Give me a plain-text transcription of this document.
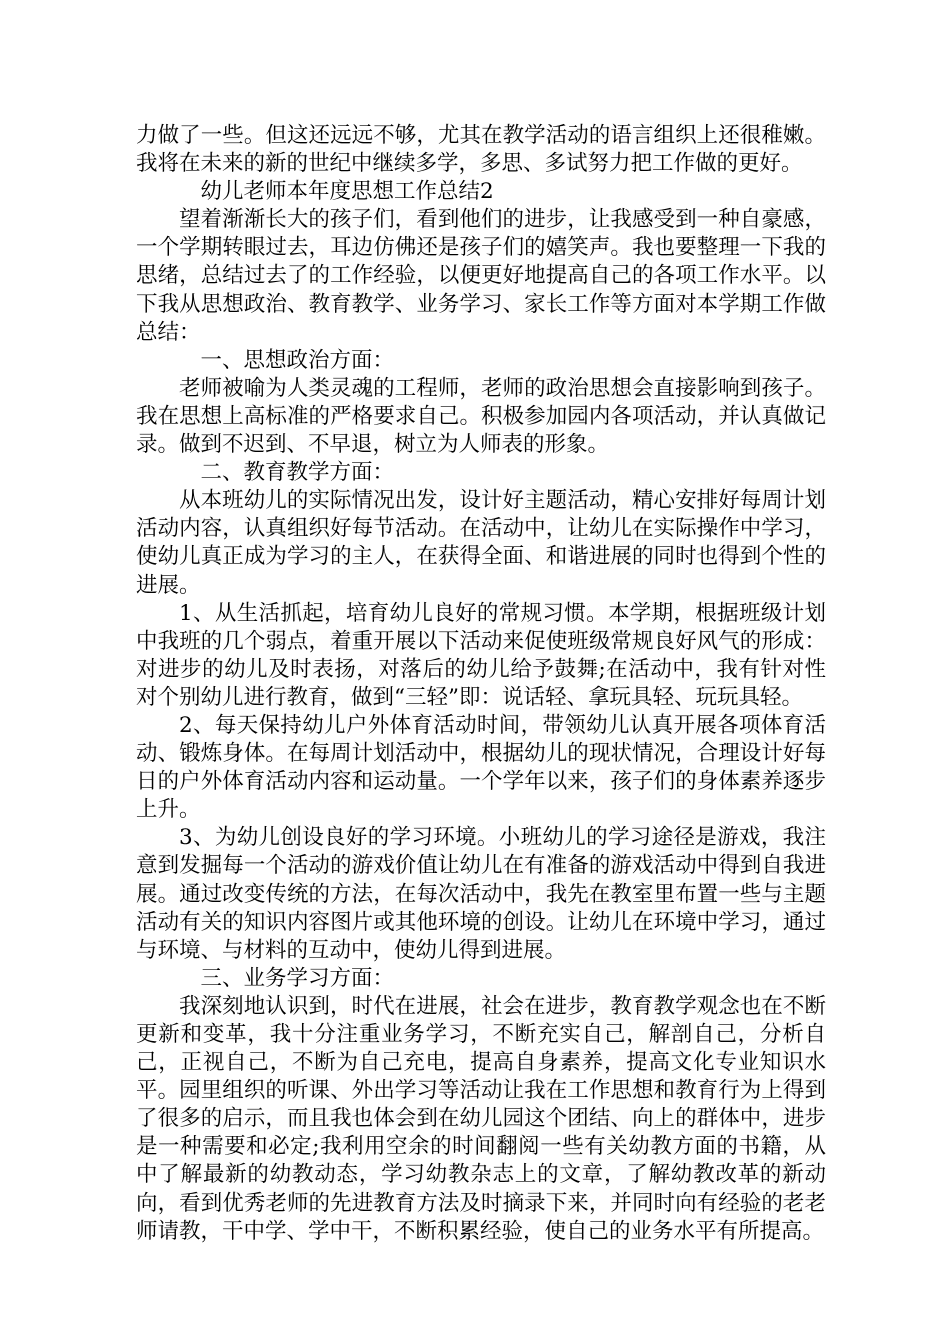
力做了一些。但这还远远不够，尤其在教学活动的语言组织上还很稚嫩。我将在未来的新的世纪中继续多学，多思、多试努力把工作做的更好。

幼儿老师本年度思想工作总结2

望着渐渐长大的孩子们，看到他们的进步，让我感受到一种自豪感，一个学期转眼过去，耳边仿佛还是孩子们的嬉笑声。我也要整理一下我的思绪，总结过去了的工作经验，以便更好地提高自己的各项工作水平。以下我从思想政治、教育教学、业务学习、家长工作等方面对本学期工作做总结：

一、思想政治方面：

老师被喻为人类灵魂的工程师，老师的政治思想会直接影响到孩子。我在思想上高标准的严格要求自己。积极参加园内各项活动，并认真做记录。做到不迟到、不早退，树立为人师表的形象。

二、教育教学方面：

从本班幼儿的实际情况出发，设计好主题活动，精心安排好每周计划活动内容，认真组织好每节活动。在活动中，让幼儿在实际操作中学习，使幼儿真正成为学习的主人，在获得全面、和谐进展的同时也得到个性的进展。

1、从生活抓起，培育幼儿良好的常规习惯。本学期，根据班级计划中我班的几个弱点，着重开展以下活动来促使班级常规良好风气的形成：对进步的幼儿及时表扬，对落后的幼儿给予鼓舞;在活动中，我有针对性对个别幼儿进行教育，做到“三轻”即：说话轻、拿玩具轻、玩玩具轻。

2、每天保持幼儿户外体育活动时间，带领幼儿认真开展各项体育活动、锻炼身体。在每周计划活动中，根据幼儿的现状情况，合理设计好每日的户外体育活动内容和运动量。一个学年以来，孩子们的身体素养逐步上升。

3、为幼儿创设良好的学习环境。小班幼儿的学习途径是游戏，我注意到发掘每一个活动的游戏价值让幼儿在有准备的游戏活动中得到自我进展。通过改变传统的方法，在每次活动中，我先在教室里布置一些与主题活动有关的知识内容图片或其他环境的创设。让幼儿在环境中学习，通过与环境、与材料的互动中，使幼儿得到进展。

三、业务学习方面：

我深刻地认识到，时代在进展，社会在进步，教育教学观念也在不断更新和变革，我十分注重业务学习，不断充实自己，解剖自己，分析自己，正视自己，不断为自己充电，提高自身素养，提高文化专业知识水平。园里组织的听课、外出学习等活动让我在工作思想和教育行为上得到了很多的启示，而且我也体会到在幼儿园这个团结、向上的群体中，进步是一种需要和必定;我利用空余的时间翻阅一些有关幼教方面的书籍，从中了解最新的幼教动态，学习幼教杂志上的文章，了解幼教改革的新动向，看到优秀老师的先进教育方法及时摘录下来，并同时向有经验的老老师请教，干中学、学中干，不断积累经验，使自己的业务水平有所提高。
